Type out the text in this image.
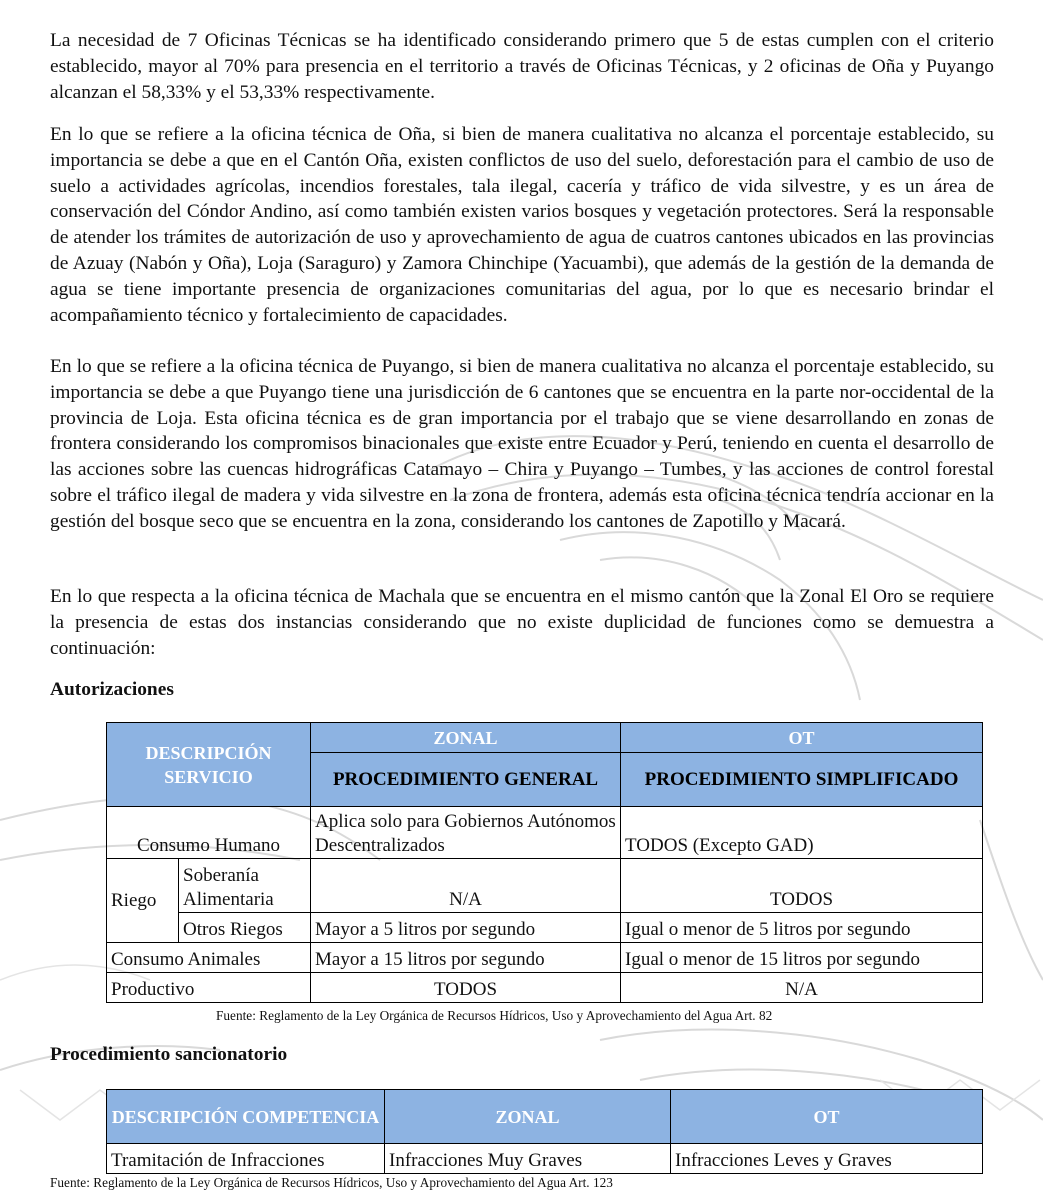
La necesidad de 7 Oficinas Técnicas se ha identificado considerando primero que 5 de estas cumplen con el criterio establecido, mayor al 70% para presencia en el territorio a través de Oficinas Técnicas, y 2 oficinas de Oña y Puyango alcanzan el 58,33% y el 53,33% respectivamente.

En lo que se refiere a la oficina técnica de Oña, si bien de manera cualitativa no alcanza el porcentaje establecido, su importancia se debe a que en el Cantón Oña, existen conflictos de uso del suelo, deforestación para el cambio de uso de suelo a actividades agrícolas, incendios forestales, tala ilegal, cacería y tráfico de vida silvestre, y es un área de conservación del Cóndor Andino, así como también existen varios bosques y vegetación protectores. Será la responsable de atender los trámites de autorización de uso y aprovechamiento de agua de cuatros cantones ubicados en las provincias de Azuay (Nabón y Oña), Loja (Saraguro) y Zamora Chinchipe (Yacuambi), que además de la gestión de la demanda de agua se tiene importante presencia de organizaciones comunitarias del agua, por lo que es necesario brindar el acompañamiento técnico y fortalecimiento de capacidades.

En lo que se refiere a la oficina técnica de Puyango, si bien de manera cualitativa no alcanza el porcentaje establecido, su importancia se debe a que Puyango tiene una jurisdicción de 6 cantones que se encuentra en la parte nor-occidental de la provincia de Loja. Esta oficina técnica es de gran importancia por el trabajo que se viene desarrollando en zonas de frontera considerando los compromisos binacionales que existe entre Ecuador y Perú, teniendo en cuenta el desarrollo de las acciones sobre las cuencas hidrográficas Catamayo – Chira y Puyango – Tumbes, y las acciones de control forestal sobre el tráfico ilegal de madera y vida silvestre en la zona de frontera, además esta oficina técnica tendría accionar en la gestión del bosque seco que se encuentra en la zona, considerando los cantones de Zapotillo y Macará.

En lo que respecta a la oficina técnica de Machala que se encuentra en el mismo cantón que la Zonal El Oro se requiere la presencia de estas dos instancias considerando que no existe duplicidad de funciones como se demuestra a continuación:

Autorizaciones
DESCRIPCIÓN SERVICIO		ZONAL	OT
		PROCEDIMIENTO GENERAL	PROCEDIMIENTO SIMPLIFICADO
Consumo Humano		Aplica solo para Gobiernos Autónomos Descentralizados	TODOS (Excepto GAD)
Riego	Soberanía Alimentaria	N/A	TODOS
	Otros Riegos	Mayor a 5 litros por segundo	Igual o menor de 5 litros por segundo
Consumo Animales		Mayor a 15 litros por segundo	Igual o menor de 15 litros por segundo
Productivo		TODOS	N/A
Fuente: Reglamento de la Ley Orgánica de Recursos Hídricos, Uso y Aprovechamiento del Agua Art. 82
Procedimiento sancionatorio
DESCRIPCIÓN COMPETENCIA	ZONAL	OT
Tramitación de Infracciones	Infracciones Muy Graves	Infracciones Leves y Graves
Fuente: Reglamento de la Ley Orgánica de Recursos Hídricos, Uso y Aprovechamiento del Agua Art. 123
